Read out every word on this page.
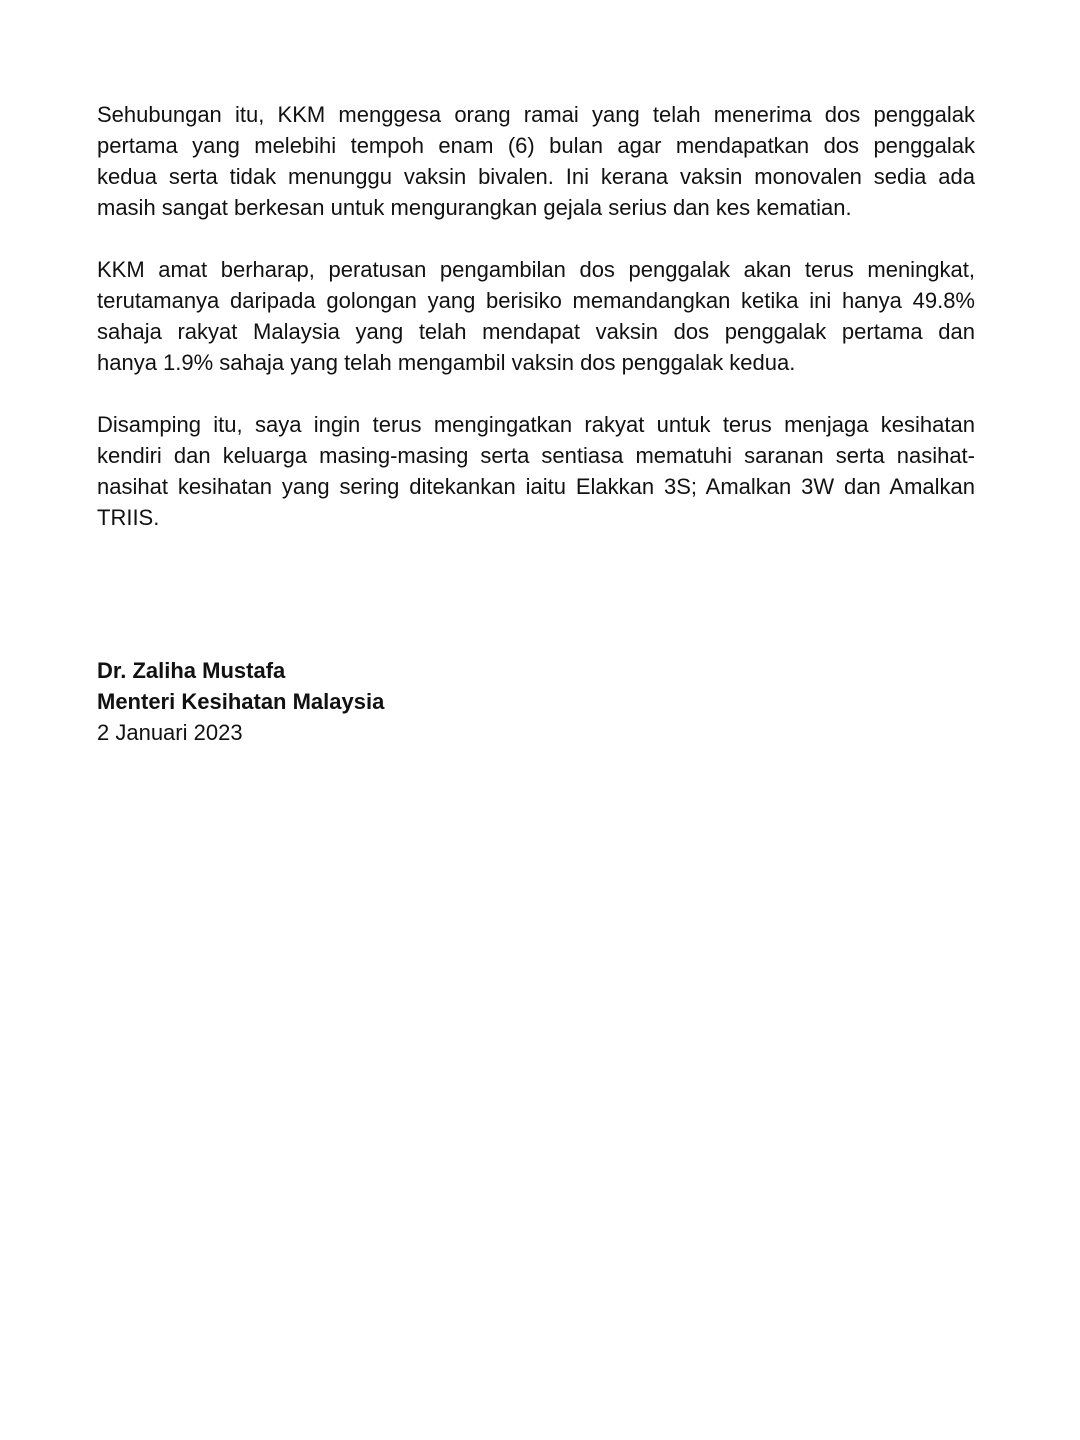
Sehubungan itu, KKM menggesa orang ramai yang telah menerima dos penggalak
pertama yang melebihi tempoh enam (6) bulan agar mendapatkan dos penggalak
kedua serta tidak menunggu vaksin bivalen. Ini kerana vaksin monovalen sedia ada
masih sangat berkesan untuk mengurangkan gejala serius dan kes kematian.
KKM amat berharap, peratusan pengambilan dos penggalak akan terus meningkat,
terutamanya daripada golongan yang berisiko memandangkan ketika ini hanya 49.8%
sahaja rakyat Malaysia yang telah mendapat vaksin dos penggalak pertama dan
hanya 1.9% sahaja yang telah mengambil vaksin dos penggalak kedua.
Disamping itu, saya ingin terus mengingatkan rakyat untuk terus menjaga kesihatan
kendiri dan keluarga masing-masing serta sentiasa mematuhi saranan serta nasihat-
nasihat kesihatan yang sering ditekankan iaitu Elakkan 3S; Amalkan 3W dan Amalkan
TRIIS.
Dr. Zaliha Mustafa
Menteri Kesihatan Malaysia
2 Januari 2023
